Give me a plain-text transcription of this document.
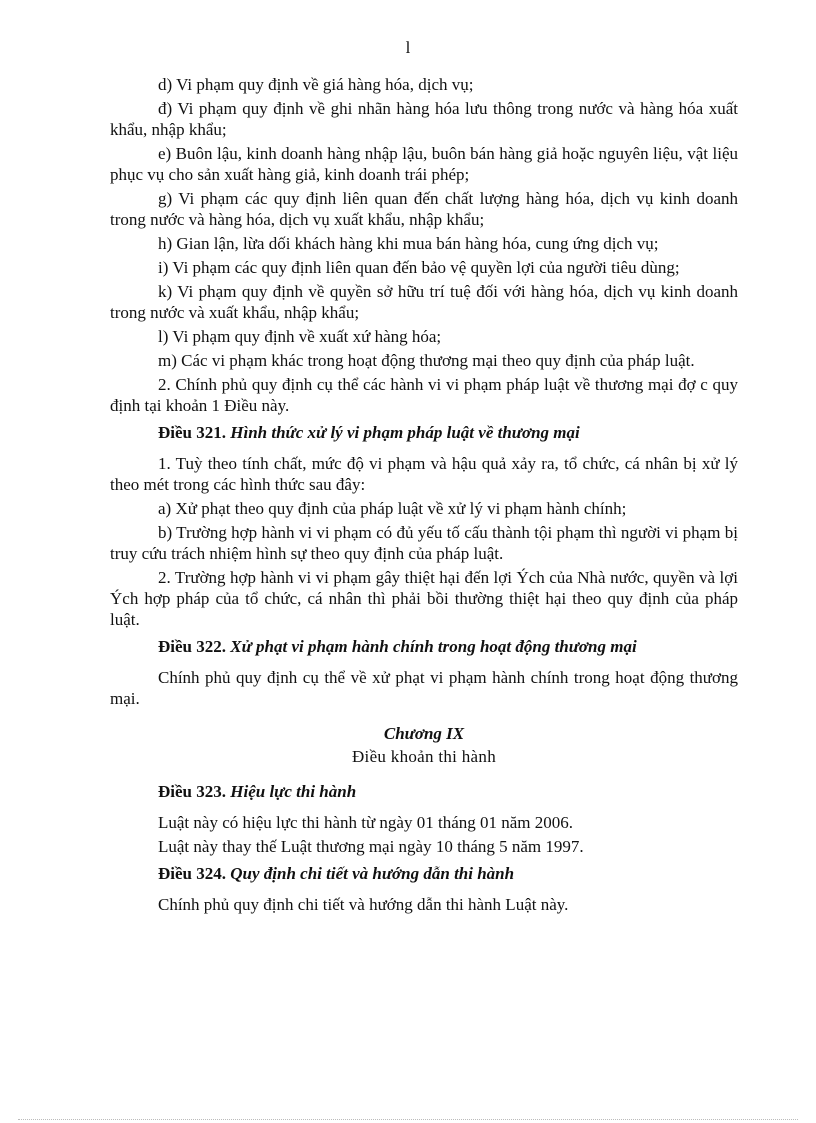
l

d) Vi phạm quy định về giá hàng hóa, dịch vụ;

đ) Vi phạm quy định về ghi nhãn hàng hóa lưu thông trong nước và hàng hóa xuất khẩu, nhập khẩu;

e) Buôn lậu, kinh doanh hàng nhập lậu, buôn bán hàng giả hoặc nguyên liệu, vật liệu phục vụ cho sản xuất hàng giả, kinh doanh trái phép;

g) Vi phạm các quy định liên quan đến chất lượng hàng hóa, dịch vụ kinh doanh trong nước và hàng hóa, dịch vụ xuất khẩu, nhập khẩu;

h) Gian lận, lừa dối khách hàng khi mua bán hàng hóa, cung ứng dịch vụ;

i) Vi phạm các quy định liên quan đến bảo vệ quyền lợi của người tiêu dùng;

k) Vi phạm quy định về quyền sở hữu trí tuệ đối với hàng hóa, dịch vụ kinh doanh trong nước và xuất khẩu, nhập khẩu;

l) Vi phạm quy định về xuất xứ hàng hóa;

m) Các vi phạm khác trong hoạt động thương mại theo quy định của pháp luật.

2. Chính phủ quy định cụ thể các hành vi vi phạm pháp luật về thương mại đợ c quy định tại khoản 1 Điều này.

Điều 321. Hình thức xử lý vi phạm pháp luật về thương mại

1. Tuỳ theo tính chất, mức độ vi phạm và hậu quả xảy ra, tổ chức, cá nhân bị xử lý theo mét trong các hình thức sau đây:

a) Xử phạt theo quy định của pháp luật về xử lý vi phạm hành chính;

b) Trường hợp hành vi vi phạm có đủ yếu tố cấu thành tội phạm thì người vi phạm bị truy cứu trách nhiệm hình sự theo quy định của pháp luật.

2. Trường hợp hành vi vi phạm gây thiệt hại đến lợi Ých của Nhà nước, quyền và lợi Ých hợp pháp của tổ chức, cá nhân thì phải bồi thường thiệt hại theo quy định của pháp luật.

Điều 322. Xử phạt vi phạm hành chính trong hoạt động thương mại

Chính phủ quy định cụ thể về xử phạt vi phạm hành chính trong hoạt động thương mại.

Chương IX

Điều khoản thi hành

Điều 323. Hiệu lực thi hành

Luật này có hiệu lực thi hành từ ngày 01 tháng 01 năm 2006.

Luật này thay thế Luật thương mại ngày 10 tháng 5 năm 1997.

Điều 324. Quy định chi tiết và hướng dẫn thi hành

Chính phủ quy định chi tiết và hướng dẫn thi hành Luật này.
